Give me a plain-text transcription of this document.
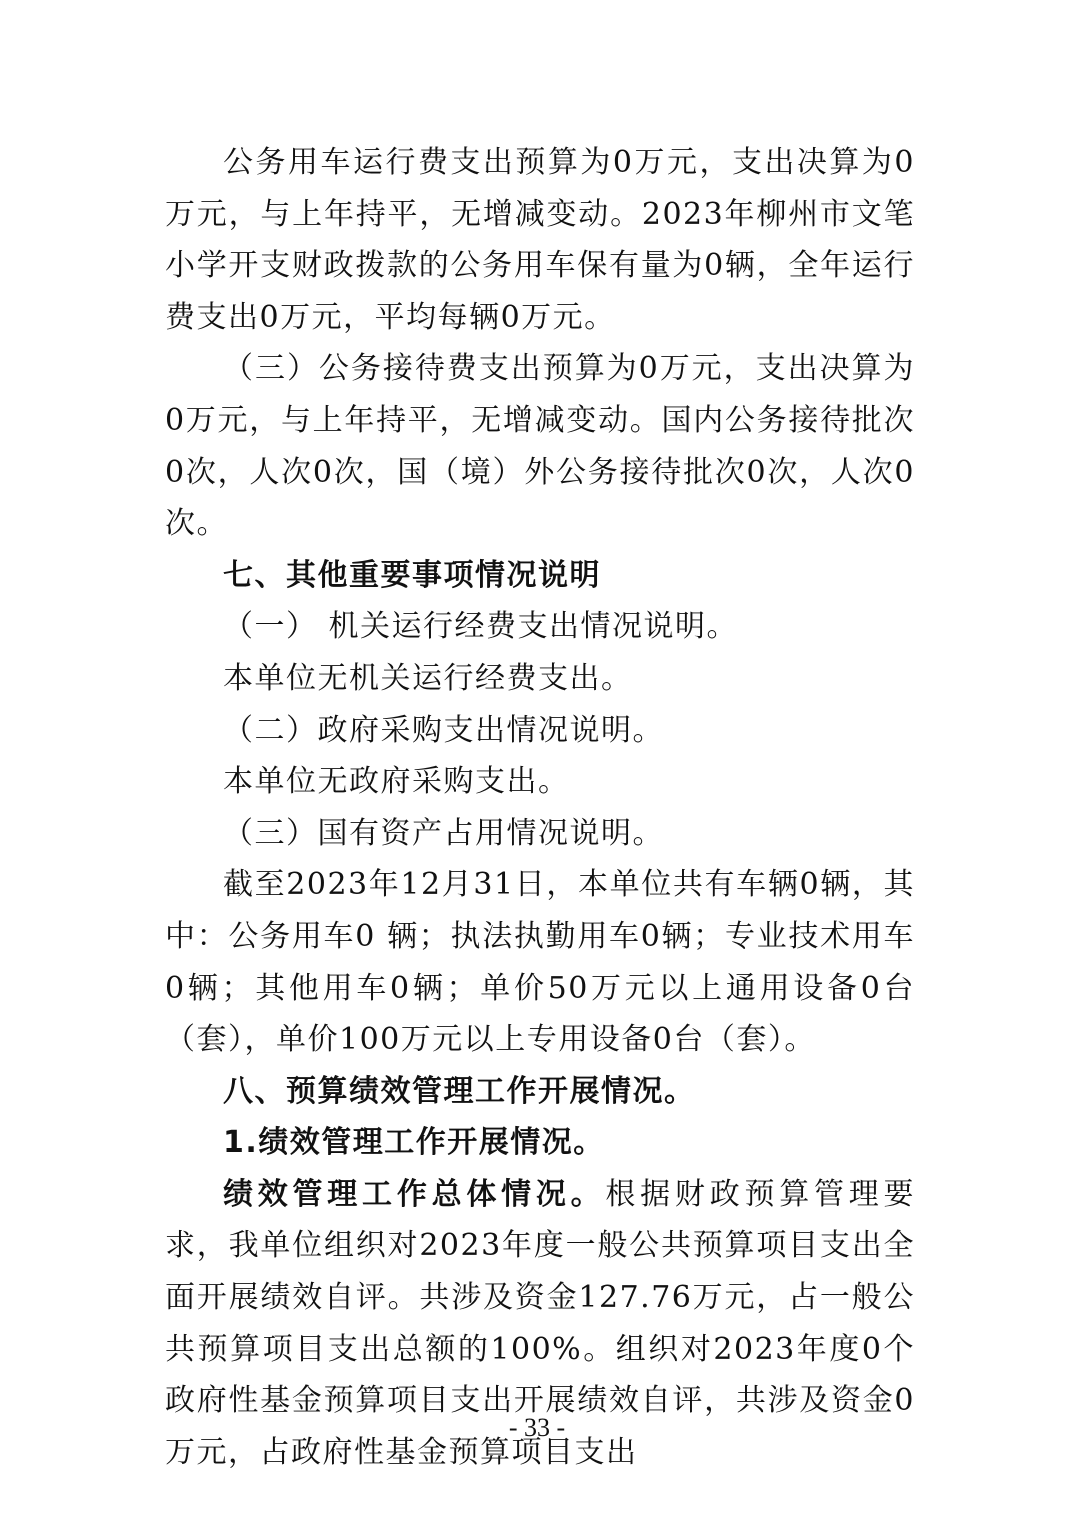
公务用车运行费支出预算为0万元，支出决算为0万元，与上年持平，无增减变动。2023年柳州市文笔小学开支财政拨款的公务用车保有量为0辆，全年运行费支出0万元，平均每辆0万元。

（三）公务接待费支出预算为0万元，支出决算为0万元，与上年持平，无增减变动。国内公务接待批次0次，人次0次，国（境）外公务接待批次0次，人次0次。

七、其他重要事项情况说明

（一） 机关运行经费支出情况说明。

本单位无机关运行经费支出。

（二）政府采购支出情况说明。

本单位无政府采购支出。

（三）国有资产占用情况说明。

截至2023年12月31日，本单位共有车辆0辆，其中：公务用车0 辆；执法执勤用车0辆；专业技术用车0辆；其他用车0辆；单价50万元以上通用设备0台（套），单价100万元以上专用设备0台（套）。

八、预算绩效管理工作开展情况。

1.绩效管理工作开展情况。

绩效管理工作总体情况。根据财政预算管理要求，我单位组织对2023年度一般公共预算项目支出全面开展绩效自评。共涉及资金127.76万元，占一般公共预算项目支出总额的100%。组织对2023年度0个政府性基金预算项目支出开展绩效自评，共涉及资金0万元，占政府性基金预算项目支出

- 33 -
